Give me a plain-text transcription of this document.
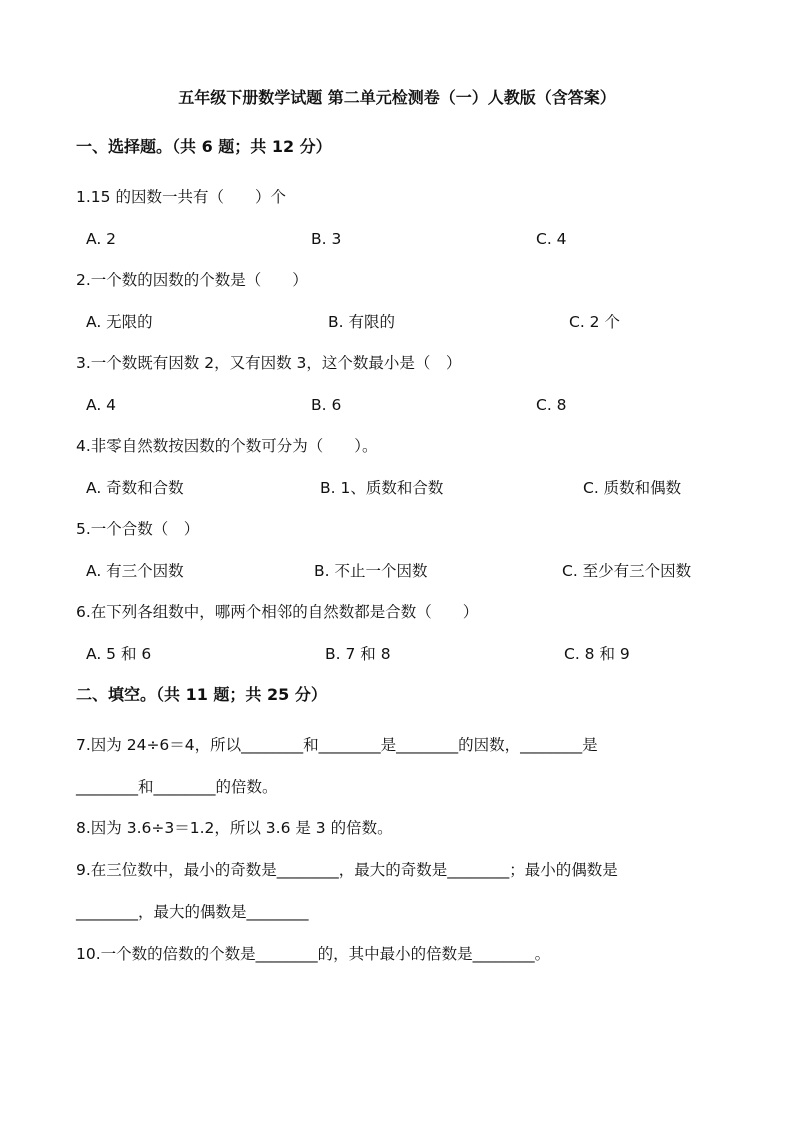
五年级下册数学试题 第二单元检测卷（一）人教版（含答案）
一、选择题。（共 6 题；共 12 分）
1.15 的因数一共有（　　）个
A. 2	B. 3	C. 4
2.一个数的因数的个数是（　　）
A. 无限的	B. 有限的	C. 2 个
3.一个数既有因数 2，又有因数 3，这个数最小是（　）
A. 4	B. 6	C. 8
4.非零自然数按因数的个数可分为（　　）。
A. 奇数和合数	B. 1、质数和合数	C. 质数和偶数
5.一个合数（　）
A. 有三个因数	B. 不止一个因数	C. 至少有三个因数
6.在下列各组数中，哪两个相邻的自然数都是合数（　　）
A. 5 和 6	B. 7 和 8	C. 8 和 9
二、填空。（共 11 题；共 25 分）
7.因为 24÷6＝4，所以________和________是________的因数，________是
________和________的倍数。
8.因为 3.6÷3＝1.2，所以 3.6 是 3 的倍数。
9.在三位数中，最小的奇数是________，最大的奇数是________；最小的偶数是
________，最大的偶数是________
10.一个数的倍数的个数是________的，其中最小的倍数是________。
